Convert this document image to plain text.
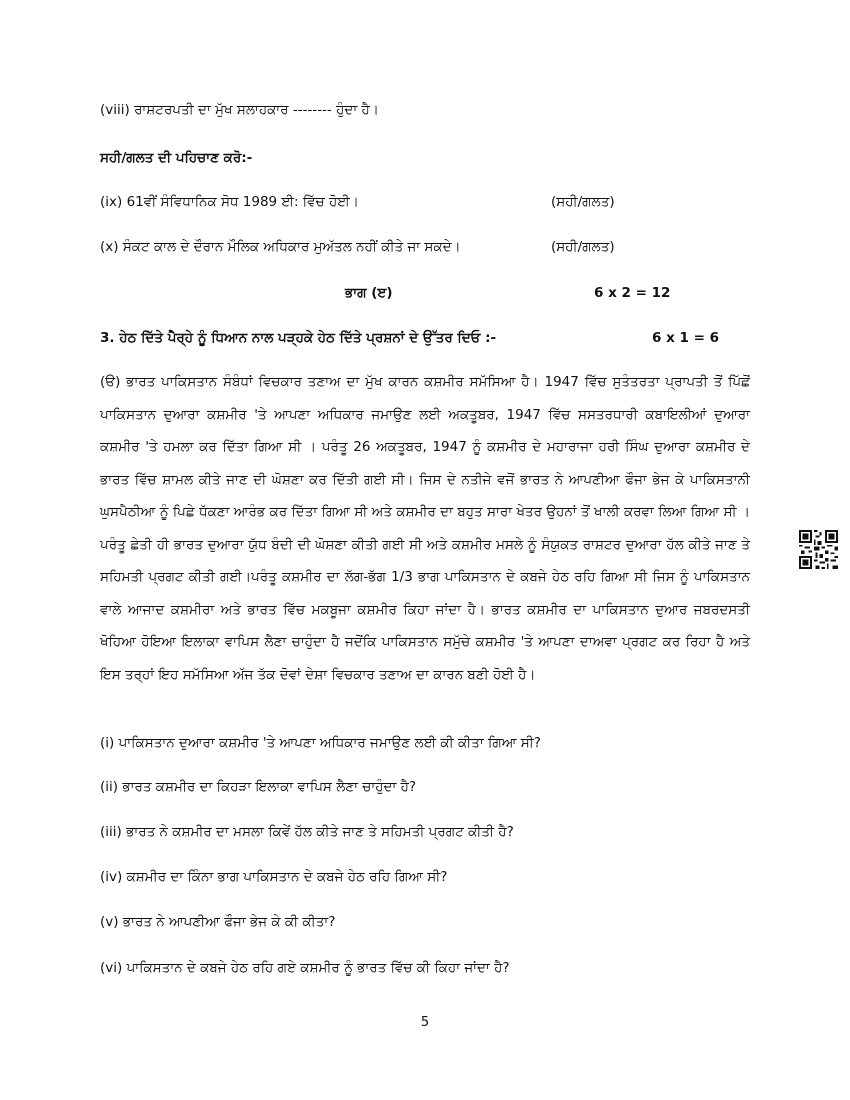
(viii) ਰਾਸ਼ਟਰਪਤੀ ਦਾ ਮੁੱਖ ਸਲਾਹਕਾਰ -------- ਹੁੰਦਾ ਹੈ।
ਸਹੀ/ਗਲਤ ਦੀ ਪਹਿਚਾਣ ਕਰੋ:-
(ix) 61ਵੀਂ ਸੰਵਿਧਾਨਿਕ ਸੋਧ 1989 ਈ: ਵਿੱਚ ਹੋਈ।	(ਸਹੀ/ਗਲਤ)
(x) ਸੰਕਟ ਕਾਲ ਦੇ ਦੌਰਾਨ ਮੌਲਿਕ ਅਧਿਕਾਰ ਮੁਅੱਤਲ ਨਹੀਂ ਕੀਤੇ ਜਾ ਸਕਦੇ।	(ਸਹੀ/ਗਲਤ)
ਭਾਗ (ੲ)	6 x 2 = 12
3. ਹੇਠ ਦਿੱਤੇ ਪੈਰ੍ਹੇ ਨੂੰ ਧਿਆਨ ਨਾਲ ਪੜ੍ਹਕੇ ਹੇਠ ਦਿੱਤੇ ਪ੍ਰਸ਼ਨਾਂ ਦੇ ਉੱਤਰ ਦਿਓ :-	6 x 1 = 6
(ੳ) ਭਾਰਤ ਪਾਕਿਸਤਾਨ ਸੰਬੰਧਾਂ ਵਿਚਕਾਰ ਤਣਾਅ ਦਾ ਮੁੱਖ ਕਾਰਨ ਕਸ਼ਮੀਰ ਸਮੱਸਿਆ ਹੈ। 1947 ਵਿੱਚ ਸੁਤੰਤਰਤਾ ਪ੍ਰਾਪਤੀ ਤੋਂ ਪਿੱਛੋਂ ਪਾਕਿਸਤਾਨ ਦੁਆਰਾ ਕਸ਼ਮੀਰ 'ਤੇ ਆਪਣਾ ਅਧਿਕਾਰ ਜਮਾਉਣ ਲਈ ਅਕਤੂਬਰ, 1947 ਵਿੱਚ ਸਸਤਰਧਾਰੀ ਕਬਾਇਲੀਆਂ ਦੁਆਰਾ ਕਸ਼ਮੀਰ 'ਤੇ ਹਮਲਾ ਕਰ ਦਿੱਤਾ ਗਿਆ ਸੀ । ਪਰੰਤੂ 26 ਅਕਤੂਬਰ, 1947 ਨੂੰ ਕਸ਼ਮੀਰ ਦੇ ਮਹਾਰਾਜਾ ਹਰੀ ਸਿੰਘ ਦੁਆਰਾ ਕਸ਼ਮੀਰ ਦੇ ਭਾਰਤ ਵਿੱਚ ਸ਼ਾਮਲ ਕੀਤੇ ਜਾਣ ਦੀ ਘੋਸ਼ਣਾ ਕਰ ਦਿੱਤੀ ਗਈ ਸੀ। ਜਿਸ ਦੇ ਨਤੀਜੇ ਵਜੋਂ ਭਾਰਤ ਨੇ ਆਪਣੀਆ ਫੌਜਾ ਭੇਜ ਕੇ ਪਾਕਿਸਤਾਨੀ ਘੁਸਪੈਠੀਆ ਨੂੰ ਪਿਛੇ ਧੱਕਣਾ ਆਰੰਭ ਕਰ ਦਿੱਤਾ ਗਿਆ ਸੀ ਅਤੇ ਕਸ਼ਮੀਰ ਦਾ ਬਹੁਤ ਸਾਰਾ ਖੇਤਰ ਉਹਨਾਂ ਤੋਂ ਖਾਲੀ ਕਰਵਾ ਲਿਆ ਗਿਆ ਸੀ । ਪਰੰਤੂ ਛੇਤੀ ਹੀ ਭਾਰਤ ਦੁਆਰਾ ਯੁੱਧ ਬੰਦੀ ਦੀ ਘੋਸ਼ਣਾ ਕੀਤੀ ਗਈ ਸੀ ਅਤੇ ਕਸ਼ਮੀਰ ਮਸਲੇ ਨੂੰ ਸੰਯੁਕਤ ਰਾਸ਼ਟਰ ਦੁਆਰਾ ਹੱਲ ਕੀਤੇ ਜਾਣ ਤੇ ਸਹਿਮਤੀ ਪ੍ਰਗਟ ਕੀਤੀ ਗਈ।ਪਰੰਤੂ ਕਸ਼ਮੀਰ ਦਾ ਲੱਗ-ਭੱਗ 1/3 ਭਾਗ ਪਾਕਿਸਤਾਨ ਦੇ ਕਬਜੇ ਹੇਠ ਰਹਿ ਗਿਆ ਸੀ ਜਿਸ ਨੂੰ ਪਾਕਿਸਤਾਨ ਵਾਲੇ ਆਜਾਦ ਕਸ਼ਮੀਰਾ ਅਤੇ ਭਾਰਤ ਵਿੱਚ ਮਕਬੂਜਾ ਕਸ਼ਮੀਰ ਕਿਹਾ ਜਾਂਦਾ ਹੈ। ਭਾਰਤ ਕਸ਼ਮੀਰ ਦਾ ਪਾਕਿਸਤਾਨ ਦੁਆਰ ਜਬਰਦਸਤੀ ਖੋਹਿਆ ਹੋਇਆ ਇਲਾਕਾ ਵਾਪਿਸ ਲੈਣਾ ਚਾਹੁੰਦਾ ਹੈ ਜਦੋਂਕਿ ਪਾਕਿਸਤਾਨ ਸਮੁੱਚੇ ਕਸ਼ਮੀਰ 'ਤੇ ਆਪਣਾ ਦਾਅਵਾ ਪ੍ਰਗਟ ਕਰ ਰਿਹਾ ਹੈ ਅਤੇ ਇਸ ਤਰ੍ਹਾਂ ਇਹ ਸਮੱਸਿਆ ਅੱਜ ਤੱਕ ਦੋਵਾਂ ਦੇਸ਼ਾ ਵਿਚਕਾਰ ਤਣਾਅ ਦਾ ਕਾਰਨ ਬਣੀ ਹੋਈ ਹੈ।
(i) ਪਾਕਿਸਤਾਨ ਦੁਆਰਾ ਕਸ਼ਮੀਰ 'ਤੇ ਆਪਣਾ ਅਧਿਕਾਰ ਜਮਾਉਣ ਲਈ ਕੀ ਕੀਤਾ ਗਿਆ ਸੀ?
(ii) ਭਾਰਤ ਕਸ਼ਮੀਰ ਦਾ ਕਿਹੜਾ ਇਲਾਕਾ ਵਾਪਿਸ ਲੈਣਾ ਚਾਹੁੰਦਾ ਹੈ?
(iii) ਭਾਰਤ ਨੇ ਕਸ਼ਮੀਰ ਦਾ ਮਸਲਾ ਕਿਵੇਂ ਹੱਲ ਕੀਤੇ ਜਾਣ ਤੇ ਸਹਿਮਤੀ ਪ੍ਰਗਟ ਕੀਤੀ ਹੈ?
(iv) ਕਸ਼ਮੀਰ ਦਾ ਕਿੰਨਾ ਭਾਗ ਪਾਕਿਸਤਾਨ ਦੇ ਕਬਜੇ ਹੇਠ ਰਹਿ ਗਿਆ ਸੀ?
(v) ਭਾਰਤ ਨੇ ਆਪਣੀਆ ਫੌਜਾ ਭੇਜ ਕੇ ਕੀ ਕੀਤਾ?
(vi) ਪਾਕਿਸਤਾਨ ਦੇ ਕਬਜੇ ਹੇਠ ਰਹਿ ਗਏ ਕਸ਼ਮੀਰ ਨੂੰ ਭਾਰਤ ਵਿੱਚ ਕੀ ਕਿਹਾ ਜਾਂਦਾ ਹੈ?
5
